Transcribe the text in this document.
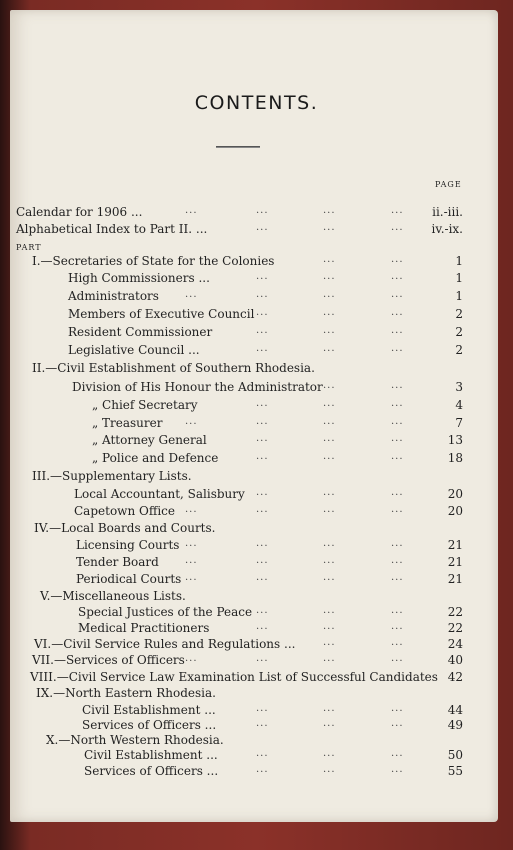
CONTENTS.
PAGE
PART
Calendar for 1906 ...	...	...	...	... ii.-iii.
Alphabetical Index to Part II. ...	...	...	... iv.-ix.
I.—Secretaries of State for the Colonies	...	...	1
High Commissioners ...	...	...	...	1
Administrators	...	...	...	...	1
Members of Executive Council ...	...	...	2
Resident Commissioner	...	...	...	2
Legislative Council ...	...	...	...	2
II.—Civil Establishment of Southern Rhodesia.
Division of His Honour the Administrator ...	...	3
„ Chief Secretary	...	...	...	4
„ Treasurer ...	...	...	...	7
„ Attorney General	...	...	...	13
„ Police and Defence	...	...	...	18
III.—Supplementary Lists.
Local Accountant, Salisbury ...	...	...	20
Capetown Office ...	...	...	...	20
IV.—Local Boards and Courts.
Licensing Courts ...	...	...	...	21
Tender Board	...	...	...	...	21
Periodical Courts ...	...	...	...	21
V.—Miscellaneous Lists.
Special Justices of the Peace ...	...	...	22
Medical Practitioners	...	...	...	22
VI.—Civil Service Rules and Regulations ...	...	...	24
VII.—Services of Officers ...	...	...	...	40
VIII.—Civil Service Law Examination List of Successful Candidates 42
IX.—North Eastern Rhodesia.
Civil Establishment ...	...	...	...	44
Services of Officers ...	...	...	...	49
X.—North Western Rhodesia.
Civil Establishment ...	...	...	...	50
Services of Officers ...	...	...	...	55
